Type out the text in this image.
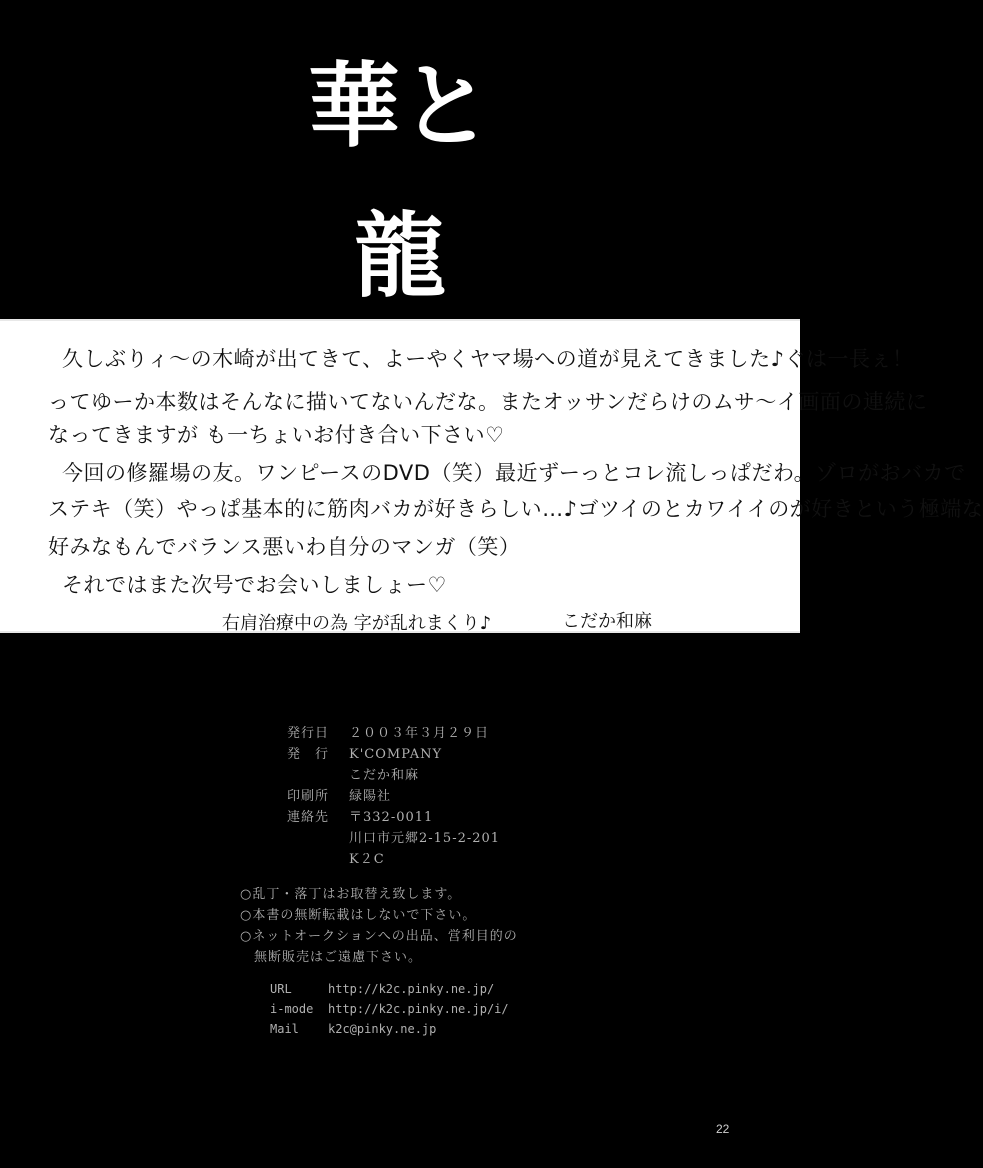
華と
龍
久しぶりィ～の木崎が出てきて、よーやくヤマ場への道が見えてきました♪ぐは一長ぇ！
ってゆーか本数はそんなに描いてないんだな。またオッサンだらけのムサ～イ画面の連続に
なってきますが も一ちょいお付き合い下さい♡
今回の修羅場の友。ワンピースのDVD（笑）最近ずーっとコレ流しっぱだわ。ゾロがおバカで
ステキ（笑）やっぱ基本的に筋肉バカが好きらしい…♪ゴツイのとカワイイのが好きという極端な
好みなもんでバランス悪いわ自分のマンガ（笑）
それではまた次号でお会いしましょー♡
右肩治療中の為 字が乱れまくり♪	こだか和麻
発行日 ２００３年３月２９日
発　行 K'COMPANY
こだか和麻
印刷所 緑陽社
連絡先 〒332-0011
川口市元郷2-15-2-201
K２C
○乱丁・落丁はお取替え致します。
○本書の無断転載はしないで下さい。
○ネットオークションへの出品、営利目的の
　無断販売はご遠慮下さい。
URL	http://k2c.pinky.ne.jp/
i-mode http://k2c.pinky.ne.jp/i/
Mail k2c@pinky.ne.jp
22
